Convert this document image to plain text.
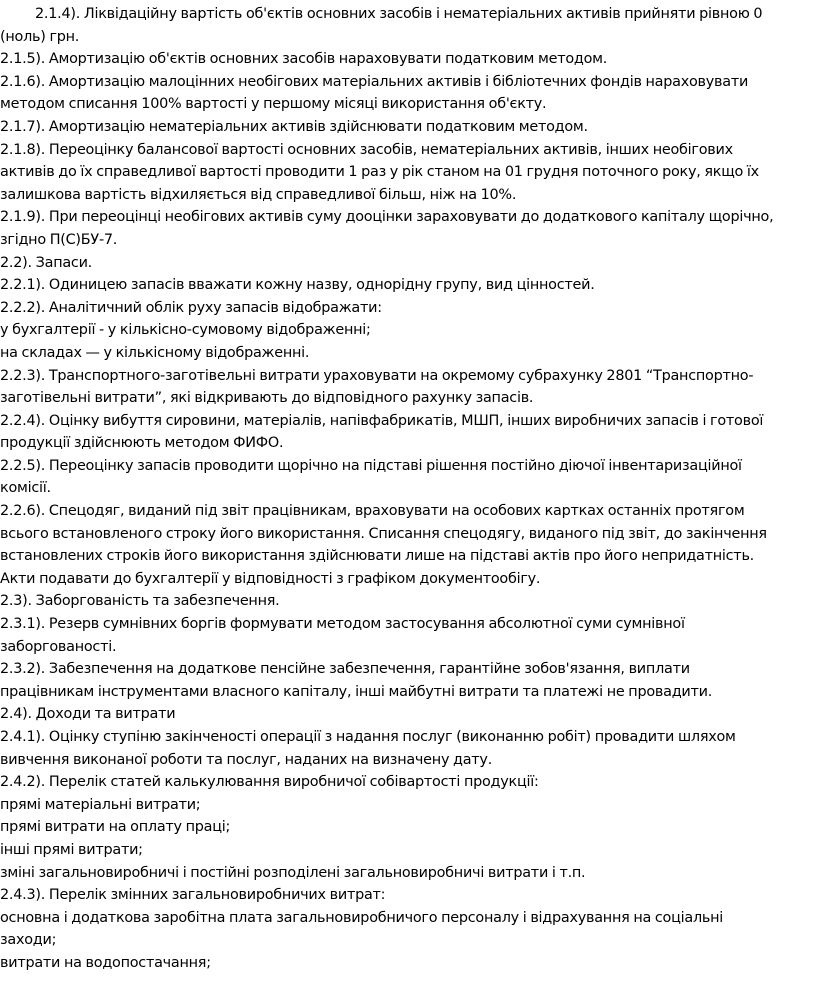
2.1.4). Ліквідаційну вартість об'єктів основних засобів і нематеріальних активів прийняти рівною 0
(ноль) грн.
2.1.5). Амортизацію об'єктів основних засобів нараховувати податковим методом.
2.1.6). Амортизацію малоцінних необігових матеріальних активів і бібліотечних фондів нараховувати
методом списання 100% вартості у першому місяці використання об'єкту.
2.1.7). Амортизацію нематеріальних активів здійснювати податковим методом.
2.1.8). Переоцінку балансової вартості основних засобів, нематеріальних активів, інших необігових
активів до їх справедливої вартості проводити 1 раз у рік станом на 01 грудня поточного року, якщо їх
залишкова вартість відхиляється від справедливої більш, ніж на 10%.
2.1.9). При переоцінці необігових активів суму дооцінки зараховувати до додаткового капіталу щорічно,
згідно П(С)БУ-7.
2.2). Запаси.
2.2.1). Одиницею запасів вважати кожну назву, однорідну групу, вид цінностей.
2.2.2). Аналітичний облік руху запасів відображати:
у бухгалтерії - у кількісно-сумовому відображенні;
на складах — у кількісному відображенні.
2.2.3). Транспортного-заготівельні витрати ураховувати на окремому субрахунку 2801 “Транспортно-
заготівельні витрати”, які відкривають до відповідного рахунку запасів.
2.2.4). Оцінку вибуття сировини, матеріалів, напівфабрикатів, МШП, інших виробничих запасів і готової
продукції здійснюють методом ФИФО.
2.2.5). Переоцінку запасів проводити щорічно на підставі рішення постійно діючої інвентаризаційної
комісії.
2.2.6). Спецодяг, виданий під звіт працівникам, враховувати на особових картках останніх протягом
всього встановленого строку його використання. Списання спецодягу, виданого під звіт, до закінчення
встановлених строків його використання здійснювати лише на підставі актів про його непридатність.
Акти подавати до бухгалтерії у відповідності з графіком документообігу.
2.3). Заборгованість та забезпечення.
2.3.1). Резерв сумнівних боргів формувати методом застосування абсолютної суми сумнівної
заборгованості.
2.3.2). Забезпечення на додаткове пенсійне забезпечення, гарантійне зобов'язання, виплати
працівникам інструментами власного капіталу, інші майбутні витрати та платежі не провадити.
2.4). Доходи та витрати
2.4.1). Оцінку ступіню закінченості операції з надання послуг (виконанню робіт) провадити шляхом
вивчення виконаної роботи та послуг, наданих на визначену дату.
2.4.2). Перелік статей калькулювання виробничої собівартості продукції:
прямі матеріальні витрати;
прямі витрати на оплату праці;
інші прямі витрати;
зміні загальновиробничі і постійні розподілені загальновиробничі витрати і т.п.
2.4.3). Перелік змінних загальновиробничих витрат:
основна і додаткова заробітна плата загальновиробничого персоналу і відрахування на соціальні
заходи;
витрати на водопостачання;
